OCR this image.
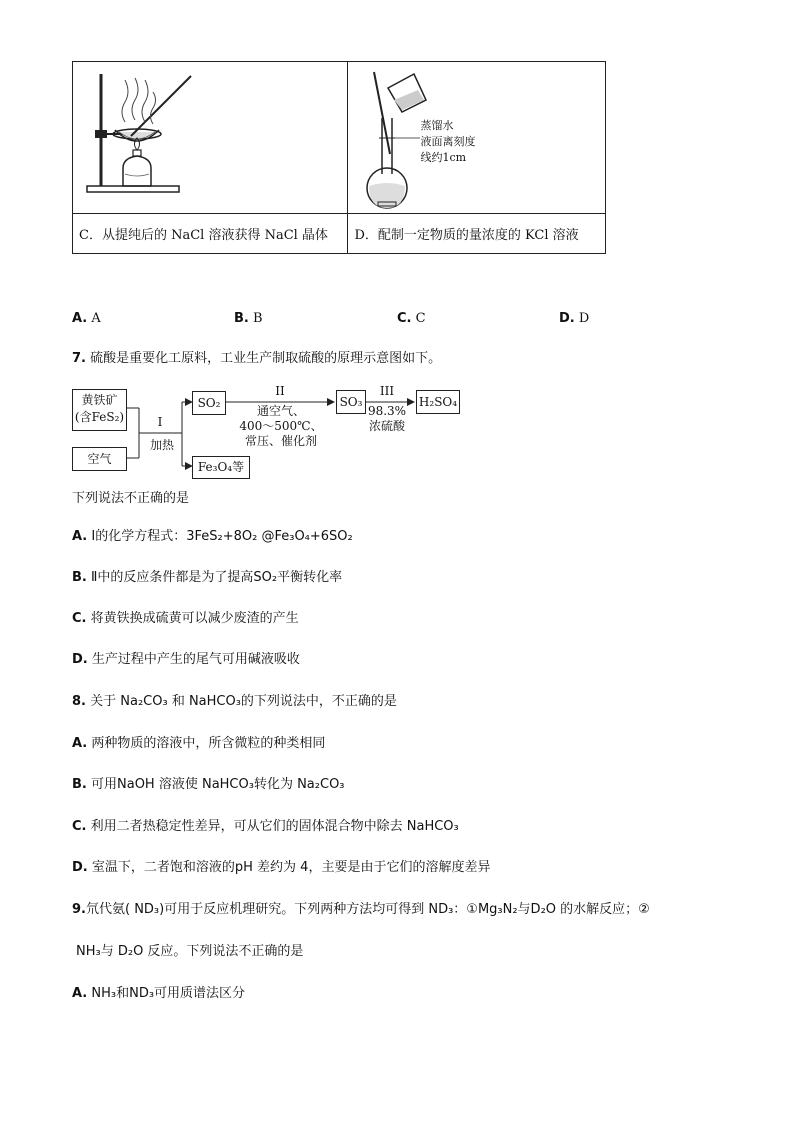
蒸馏水
液面离刻度
线约1cm

C．从提纯后的 NaCl 溶液获得 NaCl 晶体	D．配制一定物质的量浓度的 KCl 溶液
A. A	B. B	C. C	D. D
7. 硫酸是重要化工原料，工业生产制取硫酸的原理示意图如下。
黄铁矿
(含FeS₂)
空气
I
加热
SO₂
Fe₃O₄等
II
通空气、
400～500℃、
常压、催化剂
SO₃
III
98.3%
浓硫酸
H₂SO₄
下列说法不正确的是
A. I的化学方程式：3FeS₂+8O₂ @Fe₃O₄+6SO₂
B. Ⅱ中的反应条件都是为了提高SO₂平衡转化率
C. 将黄铁换成硫黄可以减少废渣的产生
D. 生产过程中产生的尾气可用碱液吸收
8. 关于 Na₂CO₃ 和 NaHCO₃的下列说法中，不正确的是
A. 两种物质的溶液中，所含微粒的种类相同
B. 可用NaOH 溶液使 NaHCO₃转化为 Na₂CO₃
C. 利用二者热稳定性差异，可从它们的固体混合物中除去 NaHCO₃
D. 室温下，二者饱和溶液的pH 差约为 4，主要是由于它们的溶解度差异
9.氘代氨( ND₃)可用于反应机理研究。下列两种方法均可得到 ND₃：①Mg₃N₂与D₂O 的水解反应；②
NH₃与 D₂O 反应。下列说法不正确的是
A. NH₃和ND₃可用质谱法区分
